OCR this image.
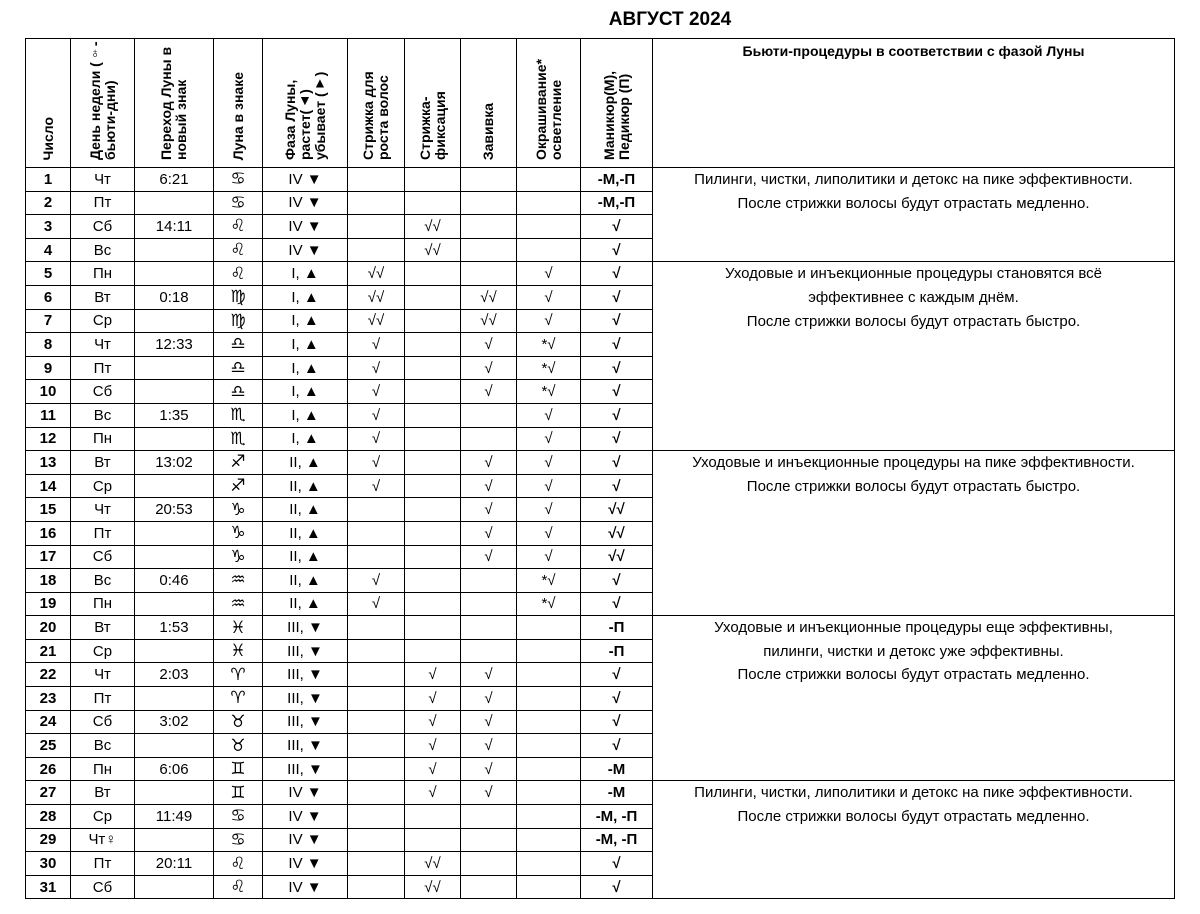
АВГУСТ 2024
Число	День недели (♀- бьюти-дни)	Переход Луны в новый знак	Луна в знаке	Фаза Луны, растет(▲) убывает (▼)	Стрижка для роста волос	Стрижка-фиксация	Завивка	Окрашивание* осветление	Маникюр(М), Педикюр (П)	Бьюти-процедуры в соответствии с фазой Луны
1	Чт	6:21	♋	IV ▼					-М,-П	Пилинги, чистки, липолитики и детокс на пике эффективности.
После стрижки волосы будут отрастать медленно.

2	Пт		♋	IV ▼					-М,-П	
3	Сб	14:11	♌	IV ▼		√√			√	
4	Вс		♌	IV ▼		√√			√	
5	Пн		♌	I, ▲	√√			√	√	Уходовые и инъекционные процедуры становятся всё
эффективнее с каждым днём.
После стрижки волосы будут отрастать быстро.

6	Вт	0:18	♍	I, ▲	√√		√√	√	√	
7	Ср		♍	I, ▲	√√		√√	√	√	
8	Чт	12:33	♎	I, ▲	√		√	*√	√	
9	Пт		♎	I, ▲	√		√	*√	√	
10	Сб		♎	I, ▲	√		√	*√	√	
11	Вс	1:35	♏	I, ▲	√			√	√	
12	Пн		♏	I, ▲	√			√	√	
13	Вт	13:02	♐	II, ▲	√		√	√	√	Уходовые и инъекционные процедуры на пике эффективности.
После стрижки волосы будут отрастать быстро.

14	Ср		♐	II, ▲	√		√	√	√	
15	Чт	20:53	♑	II, ▲			√	√	√√	
16	Пт		♑	II, ▲			√	√	√√	
17	Сб		♑	II, ▲			√	√	√√	
18	Вс	0:46	♒	II, ▲	√			*√	√	
19	Пн		♒	II, ▲	√			*√	√	
20	Вт	1:53	♓	III, ▼					-П	Уходовые и инъекционные процедуры еще эффективны,
пилинги, чистки и детокс уже эффективны.
После стрижки волосы будут отрастать медленно.

21	Ср		♓	III, ▼					-П	
22	Чт	2:03	♈	III, ▼		√	√		√	
23	Пт		♈	III, ▼		√	√		√	
24	Сб	3:02	♉	III, ▼		√	√		√	
25	Вс		♉	III, ▼		√	√		√	
26	Пн	6:06	♊	III, ▼		√	√		-М	
27	Вт		♊	IV ▼		√	√		-М	Пилинги, чистки, липолитики и детокс на пике эффективности.
После стрижки волосы будут отрастать медленно.

28	Ср	11:49	♋	IV ▼					-М, -П	
29	Чт♀		♋	IV ▼					-М, -П	
30	Пт	20:11	♌	IV ▼		√√			√	
31	Сб		♌	IV ▼		√√			√	
